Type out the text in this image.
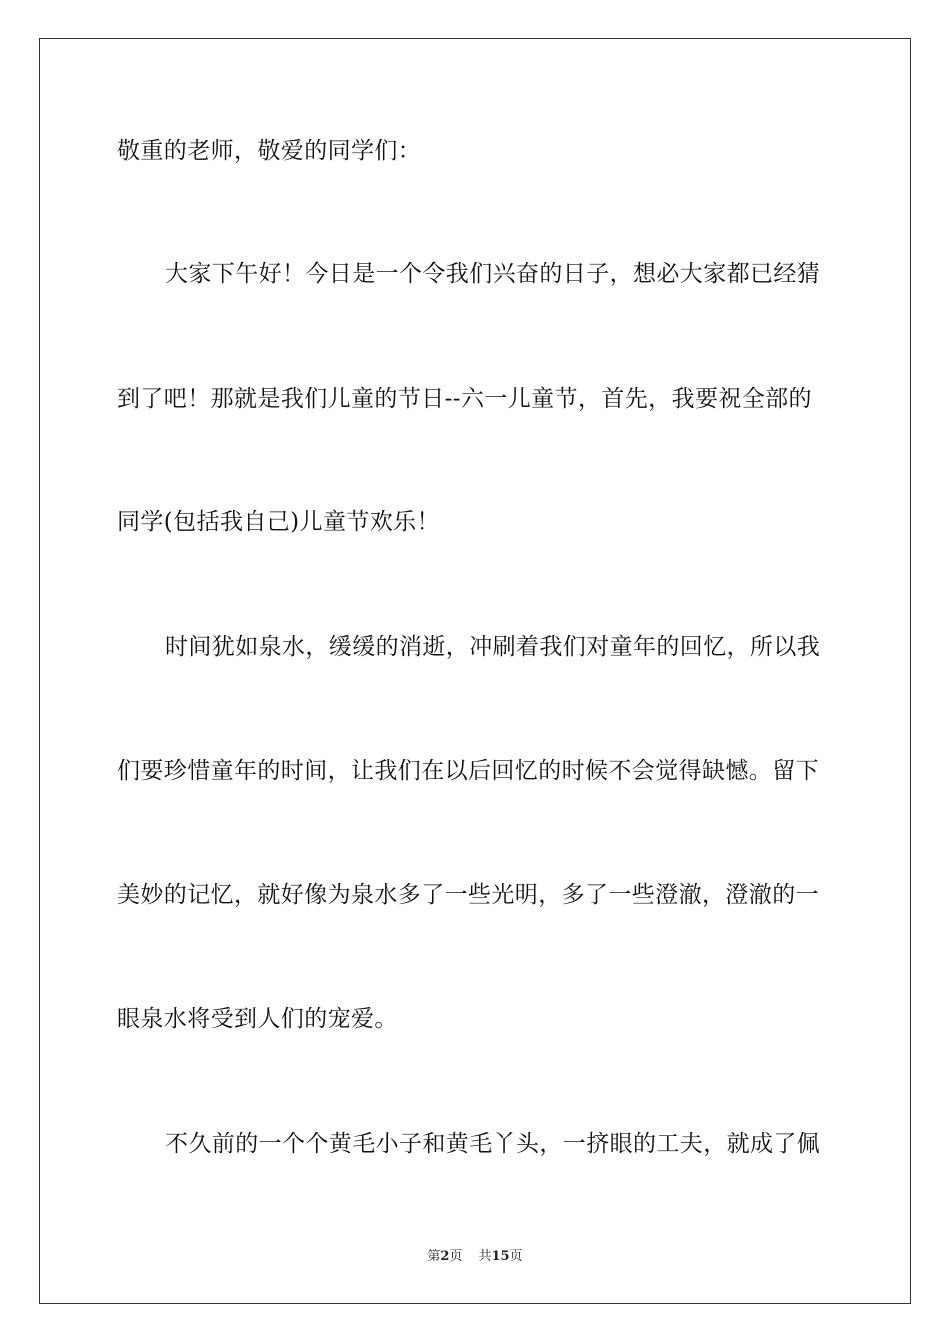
敬重的老师，敬爱的同学们：
大家下午好！今日是一个令我们兴奋的日子，想必大家都已经猜
到了吧！那就是我们儿童的节日--六一儿童节，首先，我要祝全部的
同学(包括我自己)儿童节欢乐！
时间犹如泉水，缓缓的消逝，冲刷着我们对童年的回忆，所以我
们要珍惜童年的时间，让我们在以后回忆的时候不会觉得缺憾。留下
美妙的记忆，就好像为泉水多了一些光明，多了一些澄澈，澄澈的一
眼泉水将受到人们的宠爱。
不久前的一个个黄毛小子和黄毛丫头，一挤眼的工夫，就成了佩
第2页 共15页
